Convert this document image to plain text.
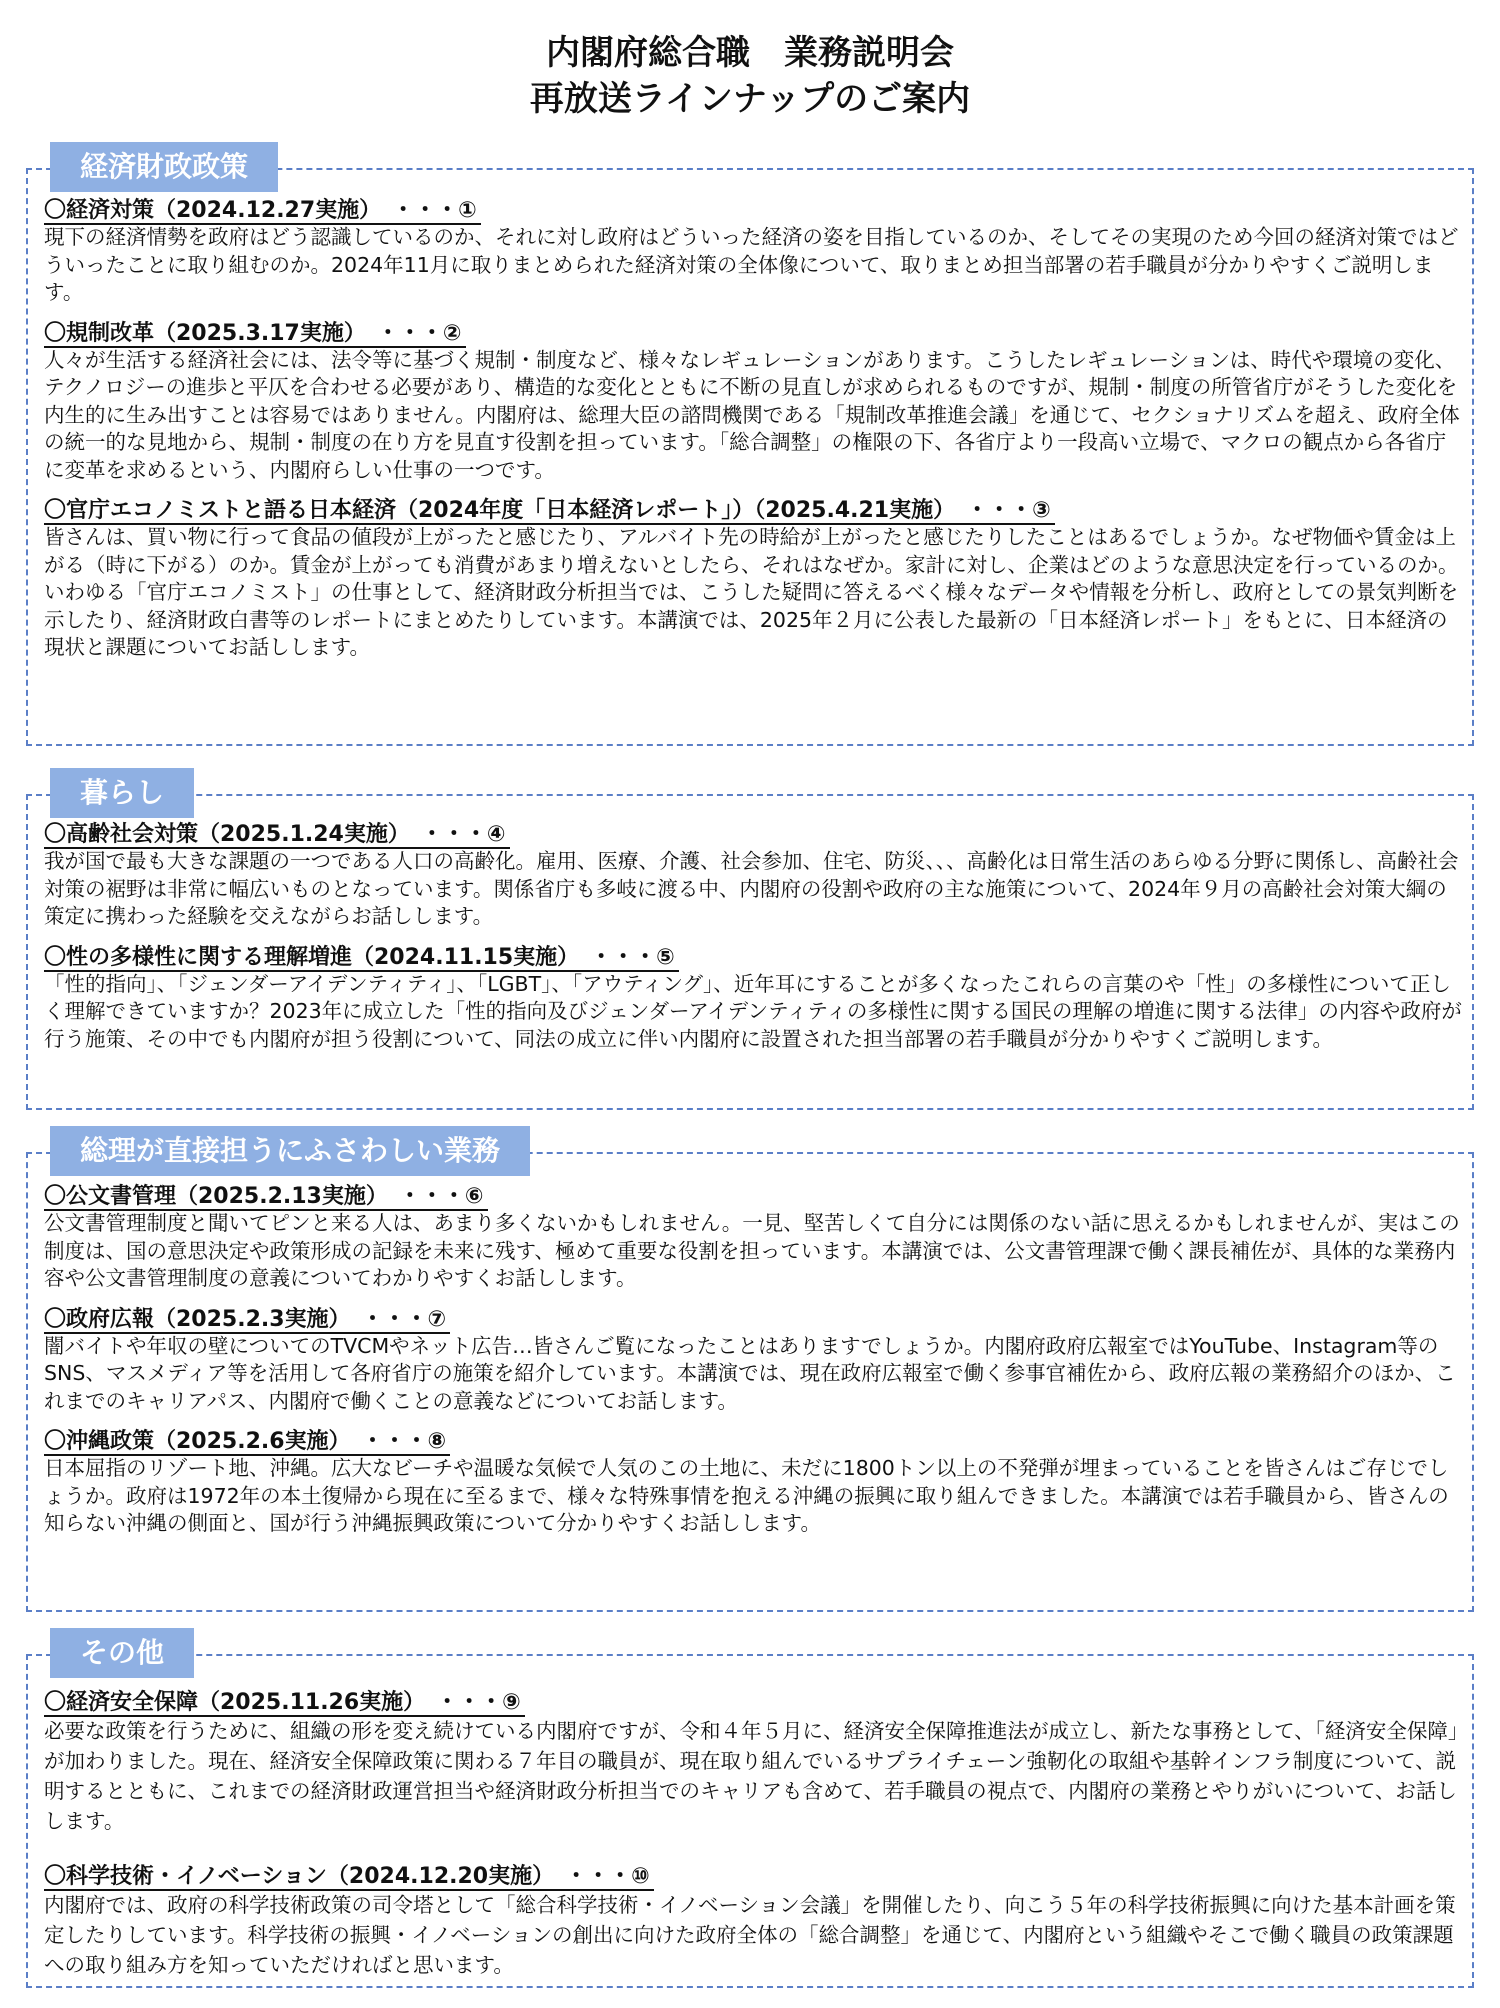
内閣府総合職　業務説明会
再放送ラインナップのご案内
経済財政政策
〇経済対策（2024.12.27実施）　・・・①
現下の経済情勢を政府はどう認識しているのか、それに対し政府はどういった経済の姿を目指しているのか、そしてその実現のため今回の経済対策ではどういったことに取り組むのか。2024年11月に取りまとめられた経済対策の全体像について、取りまとめ担当部署の若手職員が分かりやすくご説明します。
〇規制改革（2025.3.17実施）　・・・②
人々が生活する経済社会には、法令等に基づく規制・制度など、様々なレギュレーションがあります。こうしたレギュレーションは、時代や環境の変化、テクノロジーの進歩と平仄を合わせる必要があり、構造的な変化とともに不断の見直しが求められるものですが、規制・制度の所管省庁がそうした変化を内生的に生み出すことは容易ではありません。内閣府は、総理大臣の諮問機関である「規制改革推進会議」を通じて、セクショナリズムを超え、政府全体の統一的な見地から、規制・制度の在り方を見直す役割を担っています。「総合調整」の権限の下、各省庁より一段高い立場で、マクロの観点から各省庁に変革を求めるという、内閣府らしい仕事の一つです。
〇官庁エコノミストと語る日本経済（2024年度「日本経済レポート」）（2025.4.21実施）　・・・③
皆さんは、買い物に行って食品の値段が上がったと感じたり、アルバイト先の時給が上がったと感じたりしたことはあるでしょうか。なぜ物価や賃金は上がる（時に下がる）のか。賃金が上がっても消費があまり増えないとしたら、それはなぜか。家計に対し、企業はどのような意思決定を行っているのか。いわゆる「官庁エコノミスト」の仕事として、経済財政分析担当では、こうした疑問に答えるべく様々なデータや情報を分析し、政府としての景気判断を示したり、経済財政白書等のレポートにまとめたりしています。本講演では、2025年２月に公表した最新の「日本経済レポート」をもとに、日本経済の現状と課題についてお話しします。
暮らし
〇高齢社会対策（2025.1.24実施）　・・・④
我が国で最も大きな課題の一つである人口の高齢化。雇用、医療、介護、社会参加、住宅、防災、、、高齢化は日常生活のあらゆる分野に関係し、高齢社会対策の裾野は非常に幅広いものとなっています。関係省庁も多岐に渡る中、内閣府の役割や政府の主な施策について、2024年９月の高齢社会対策大綱の策定に携わった経験を交えながらお話しします。
〇性の多様性に関する理解増進（2024.11.15実施）　・・・⑤
「性的指向」、「ジェンダーアイデンティティ」、「LGBT」、「アウティング」、近年耳にすることが多くなったこれらの言葉のや「性」の多様性について正しく理解できていますか？2023年に成立した「性的指向及びジェンダーアイデンティティの多様性に関する国民の理解の増進に関する法律」の内容や政府が行う施策、その中でも内閣府が担う役割について、同法の成立に伴い内閣府に設置された担当部署の若手職員が分かりやすくご説明します。
総理が直接担うにふさわしい業務
〇公文書管理（2025.2.13実施）　・・・⑥
公文書管理制度と聞いてピンと来る人は、あまり多くないかもしれません。一見、堅苦しくて自分には関係のない話に思えるかもしれませんが、実はこの制度は、国の意思決定や政策形成の記録を未来に残す、極めて重要な役割を担っています。本講演では、公文書管理課で働く課長補佐が、具体的な業務内容や公文書管理制度の意義についてわかりやすくお話しします。
〇政府広報（2025.2.3実施）　・・・⑦
闇バイトや年収の壁についてのTVCMやネット広告…皆さんご覧になったことはありますでしょうか。内閣府政府広報室ではYouTube、Instagram等のSNS、マスメディア等を活用して各府省庁の施策を紹介しています。本講演では、現在政府広報室で働く参事官補佐から、政府広報の業務紹介のほか、これまでのキャリアパス、内閣府で働くことの意義などについてお話します。
〇沖縄政策（2025.2.6実施）　・・・⑧
日本屈指のリゾート地、沖縄。広大なビーチや温暖な気候で人気のこの土地に、未だに1800トン以上の不発弾が埋まっていることを皆さんはご存じでしょうか。政府は1972年の本土復帰から現在に至るまで、様々な特殊事情を抱える沖縄の振興に取り組んできました。本講演では若手職員から、皆さんの知らない沖縄の側面と、国が行う沖縄振興政策について分かりやすくお話しします。
その他
〇経済安全保障（2025.11.26実施）　・・・⑨
必要な政策を行うために、組織の形を変え続けている内閣府ですが、令和４年５月に、経済安全保障推進法が成立し、新たな事務として、「経済安全保障」が加わりました。現在、経済安全保障政策に関わる７年目の職員が、現在取り組んでいるサプライチェーン強靭化の取組や基幹インフラ制度について、説明するとともに、これまでの経済財政運営担当や経済財政分析担当でのキャリアも含めて、若手職員の視点で、内閣府の業務とやりがいについて、お話しします。
〇科学技術・イノベーション（2024.12.20実施）　・・・⑩
内閣府では、政府の科学技術政策の司令塔として「総合科学技術・イノベーション会議」を開催したり、向こう５年の科学技術振興に向けた基本計画を策定したりしています。科学技術の振興・イノベーションの創出に向けた政府全体の「総合調整」を通じて、内閣府という組織やそこで働く職員の政策課題への取り組み方を知っていただければと思います。
